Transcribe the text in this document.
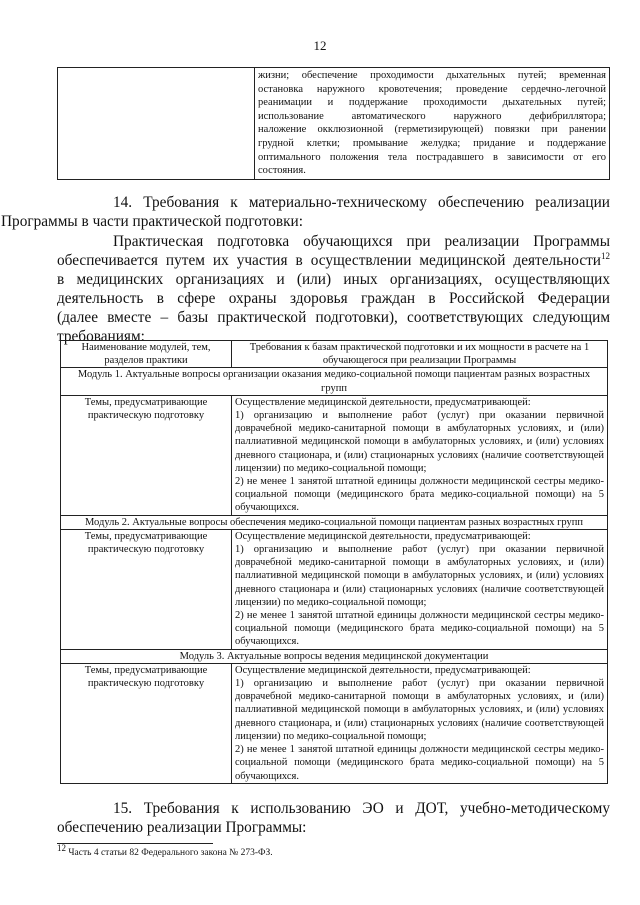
12

жизни; обеспечение проходимости дыхательных путей; временная
остановка наружного кровотечения; проведение сердечно-легочной
реанимации и поддержание проходимости дыхательных путей;
использование автоматического наружного дефибриллятора;
наложение окклюзионной (герметизирующей) повязки при ранении
грудной клетки; промывание желудка; придание и поддержание
оптимального положения тела пострадавшего в зависимости от его
состояния.
14. Требования к материально-техническому обеспечению реализации
Программы в части практической подготовки:
Практическая подготовка обучающихся при реализации Программы
обеспечивается путем их участия в осуществлении медицинской деятельности$^{12}$
в медицинских организациях и (или) иных организациях, осуществляющих
деятельность в сфере охраны здоровья граждан в Российской Федерации
(далее вместе – базы практической подготовки), соответствующих следующим
требованиям:
Наименование модулей, тем, разделов практики	Требования к базам практической подготовки и их мощности в расчете на 1 обучающегося при реализации Программы
Модуль 1. Актуальные вопросы организации оказания медико-социальной помощи пациентам разных возрастных групп	
Темы, предусматривающие практическую подготовку	Осуществление медицинской деятельности, предусматривающей:
1) организацию и выполнение работ (услуг) при оказании первичной доврачебной медико-санитарной помощи в амбулаторных условиях, и (или) паллиативной медицинской помощи в амбулаторных условиях, и (или) условиях дневного стационара, и (или) стационарных условиях (наличие соответствующей лицензии) по медико-социальной помощи;
2) не менее 1 занятой штатной единицы должности медицинской сестры медико-социальной помощи (медицинского брата медико-социальной помощи) на 5 обучающихся.

Модуль 2. Актуальные вопросы обеспечения медико-социальной помощи пациентам разных возрастных групп	
Темы, предусматривающие практическую подготовку	Осуществление медицинской деятельности, предусматривающей:
1) организацию и выполнение работ (услуг) при оказании первичной доврачебной медико-санитарной помощи в амбулаторных условиях, и (или) паллиативной медицинской помощи в амбулаторных условиях, и (или) условиях дневного стационара и (или) стационарных условиях (наличие соответствующей лицензии) по медико-социальной помощи;
2) не менее 1 занятой штатной единицы должности медицинской сестры медико-социальной помощи (медицинского брата медико-социальной помощи) на 5 обучающихся.

Модуль 3. Актуальные вопросы ведения медицинской документации	
Темы, предусматривающие практическую подготовку	Осуществление медицинской деятельности, предусматривающей:
1) организацию и выполнение работ (услуг) при оказании первичной доврачебной медико-санитарной помощи в амбулаторных условиях, и (или) паллиативной медицинской помощи в амбулаторных условиях, и (или) условиях дневного стационара, и (или) стационарных условиях (наличие соответствующей лицензии) по медико-социальной помощи;
2) не менее 1 занятой штатной единицы должности медицинской сестры медико-социальной помощи (медицинского брата медико-социальной помощи) на 5 обучающихся.
15. Требования к использованию ЭО и ДОТ, учебно-методическому
обеспечению реализации Программы:
$^{12}$ Часть 4 статьи 82 Федерального закона № 273-ФЗ.
